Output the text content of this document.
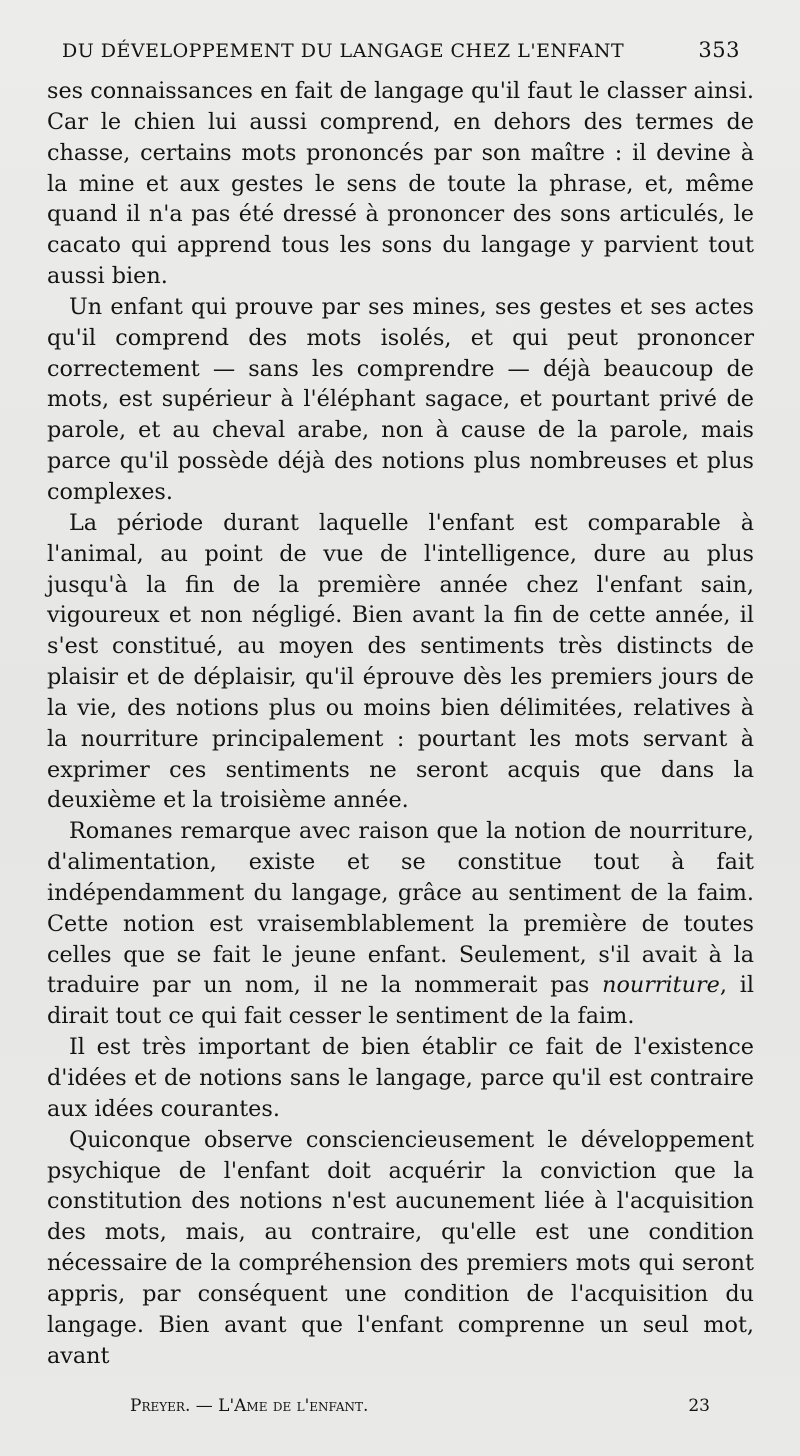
DU DÉVELOPPEMENT DU LANGAGE CHEZ L'ENFANT	353

ses connaissances en fait de langage qu'il faut le classer ainsi. Car le chien lui aussi comprend, en dehors des termes de chasse, certains mots prononcés par son maître : il devine à la mine et aux gestes le sens de toute la phrase, et, même quand il n'a pas été dressé à prononcer des sons articulés, le cacato qui apprend tous les sons du langage y parvient tout aussi bien.

Un enfant qui prouve par ses mines, ses gestes et ses actes qu'il comprend des mots isolés, et qui peut prononcer correctement — sans les comprendre — déjà beaucoup de mots, est supérieur à l'éléphant sagace, et pourtant privé de parole, et au cheval arabe, non à cause de la parole, mais parce qu'il possède déjà des notions plus nombreuses et plus complexes.

La période durant laquelle l'enfant est comparable à l'animal, au point de vue de l'intelligence, dure au plus jusqu'à la fin de la première année chez l'enfant sain, vigoureux et non négligé. Bien avant la fin de cette année, il s'est constitué, au moyen des sentiments très distincts de plaisir et de déplaisir, qu'il éprouve dès les premiers jours de la vie, des notions plus ou moins bien délimitées, relatives à la nourriture principalement : pourtant les mots servant à exprimer ces sentiments ne seront acquis que dans la deuxième et la troisième année.

Romanes remarque avec raison que la notion de nourriture, d'alimentation, existe et se constitue tout à fait indépendamment du langage, grâce au sentiment de la faim. Cette notion est vraisemblablement la première de toutes celles que se fait le jeune enfant. Seulement, s'il avait à la traduire par un nom, il ne la nommerait pas nourriture, il dirait tout ce qui fait cesser le sentiment de la faim.

Il est très important de bien établir ce fait de l'existence d'idées et de notions sans le langage, parce qu'il est contraire aux idées courantes.

Quiconque observe consciencieusement le développement psychique de l'enfant doit acquérir la conviction que la constitution des notions n'est aucunement liée à l'acquisition des mots, mais, au contraire, qu'elle est une condition nécessaire de la compréhension des premiers mots qui seront appris, par conséquent une condition de l'acquisition du langage. Bien avant que l'enfant comprenne un seul mot, avant

Preyer. — L'Ame de l'enfant.	23
